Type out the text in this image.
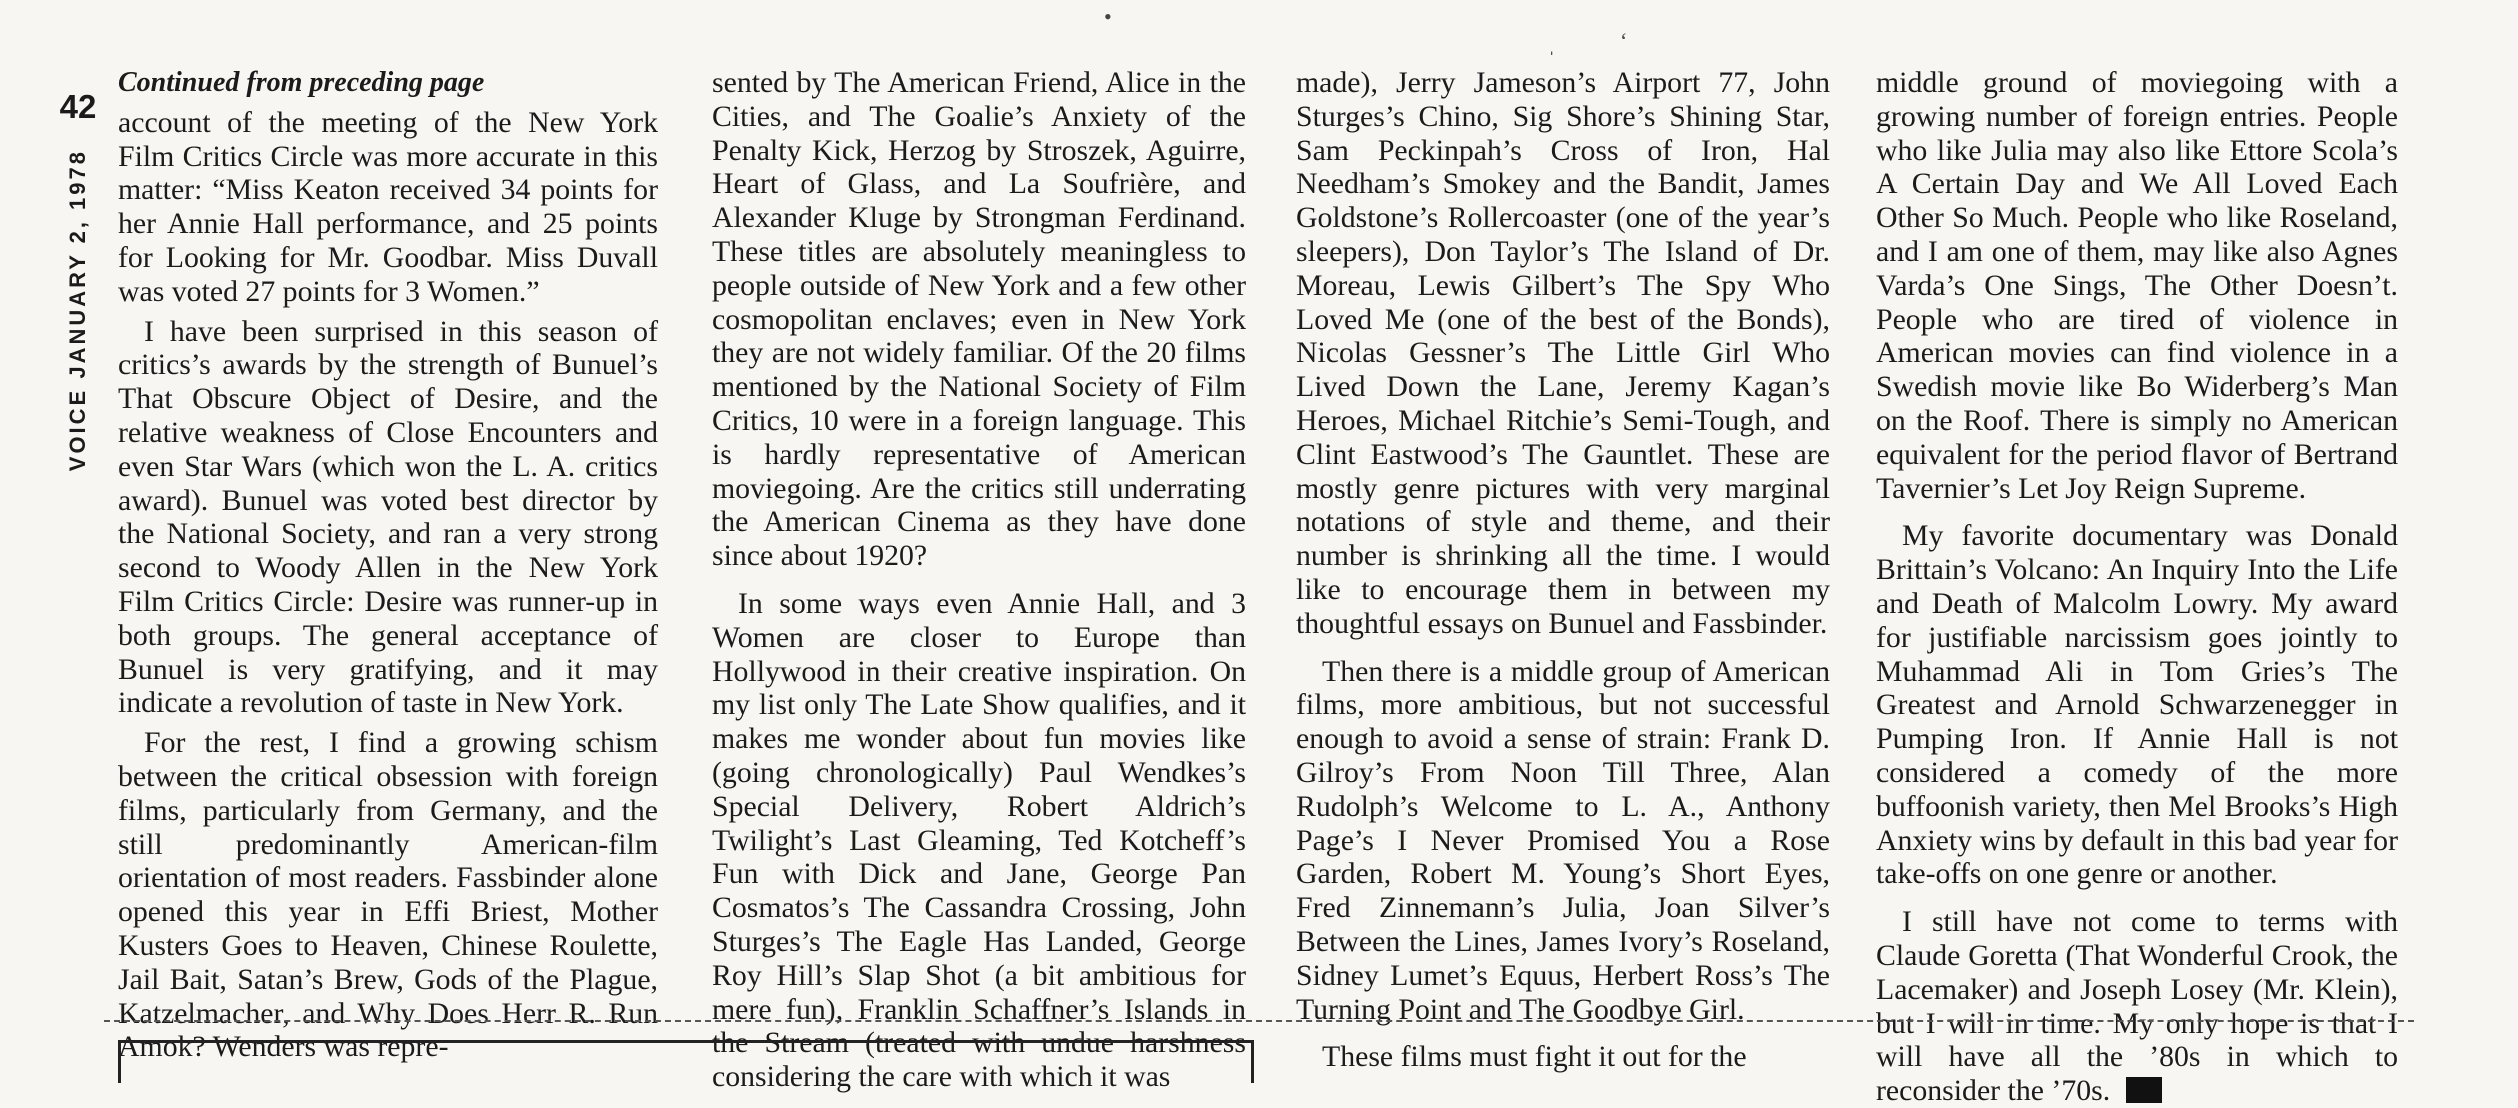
42
VOICE JANUARY 2, 1978
•
ˌ	ʻ

Continued from preceding page

account of the meeting of the New York Film Critics Circle was more accurate in this matter: “Miss Keaton received 34 points for her Annie Hall performance, and 25 points for Looking for Mr. Goodbar. Miss Duvall was voted 27 points for 3 Women.”

I have been surprised in this season of critics’s awards by the strength of Bunuel’s That Obscure Object of Desire, and the relative weakness of Close Encounters and even Star Wars (which won the L. A. critics award). Bunuel was voted best director by the National Society, and ran a very strong second to Woody Allen in the New York Film Critics Circle: Desire was runner-up in both groups. The general acceptance of Bunuel is very gratifying, and it may indicate a revolution of taste in New York.

For the rest, I find a growing schism between the critical obsession with foreign films, particularly from Germany, and the still predominantly American-film orientation of most readers. Fassbinder alone opened this year in Effi Briest, Mother Kusters Goes to Heaven, Chinese Roulette, Jail Bait, Satan’s Brew, Gods of the Plague, Katzelmacher, and Why Does Herr R. Run Amok? Wenders was repre-

sented by The American Friend, Alice in the Cities, and The Goalie’s Anxiety of the Penalty Kick, Herzog by Stroszek, Aguirre, Heart of Glass, and La Soufrière, and Alexander Kluge by Strongman Ferdinand. These titles are absolutely meaningless to people outside of New York and a few other cosmopolitan enclaves; even in New York they are not widely familiar. Of the 20 films mentioned by the National Society of Film Critics, 10 were in a foreign language. This is hardly representative of American moviegoing. Are the critics still underrating the American Cinema as they have done since about 1920?

In some ways even Annie Hall, and 3 Women are closer to Europe than Hollywood in their creative inspiration. On my list only The Late Show qualifies, and it makes me wonder about fun movies like (going chronologically) Paul Wendkes’s Special Delivery, Robert Aldrich’s Twilight’s Last Gleaming, Ted Kotcheff’s Fun with Dick and Jane, George Pan Cosmatos’s The Cassandra Crossing, John Sturges’s The Eagle Has Landed, George Roy Hill’s Slap Shot (a bit ambitious for mere fun), Franklin Schaffner’s Islands in the Stream (treated with undue harshness considering the care with which it was

made), Jerry Jameson’s Airport 77, John Sturges’s Chino, Sig Shore’s Shining Star, Sam Peckinpah’s Cross of Iron, Hal Needham’s Smokey and the Bandit, James Goldstone’s Rollercoaster (one of the year’s sleepers), Don Taylor’s The Island of Dr. Moreau, Lewis Gilbert’s The Spy Who Loved Me (one of the best of the Bonds), Nicolas Gessner’s The Little Girl Who Lived Down the Lane, Jeremy Kagan’s Heroes, Michael Ritchie’s Semi-Tough, and Clint Eastwood’s The Gauntlet. These are mostly genre pictures with very marginal notations of style and theme, and their number is shrinking all the time. I would like to encourage them in between my thoughtful essays on Bunuel and Fassbinder.

Then there is a middle group of American films, more ambitious, but not successful enough to avoid a sense of strain: Frank D. Gilroy’s From Noon Till Three, Alan Rudolph’s Welcome to L. A., Anthony Page’s I Never Promised You a Rose Garden, Robert M. Young’s Short Eyes, Fred Zinnemann’s Julia, Joan Silver’s Between the Lines, James Ivory’s Roseland, Sidney Lumet’s Equus, Herbert Ross’s The Turning Point and The Goodbye Girl.

These films must fight it out for the

middle ground of moviegoing with a growing number of foreign entries. People who like Julia may also like Ettore Scola’s A Certain Day and We All Loved Each Other So Much. People who like Roseland, and I am one of them, may like also Agnes Varda’s One Sings, The Other Doesn’t. People who are tired of violence in American movies can find violence in a Swedish movie like Bo Widerberg’s Man on the Roof. There is simply no American equivalent for the period flavor of Bertrand Tavernier’s Let Joy Reign Supreme.

My favorite documentary was Donald Brittain’s Volcano: An Inquiry Into the Life and Death of Malcolm Lowry. My award for justifiable narcissism goes jointly to Muhammad Ali in Tom Gries’s The Greatest and Arnold Schwarzenegger in Pumping Iron. If Annie Hall is not considered a comedy of the more buffoonish variety, then Mel Brooks’s High Anxiety wins by default in this bad year for take-offs on one genre or another.

I still have not come to terms with Claude Goretta (That Wonderful Crook, the Lacemaker) and Joseph Losey (Mr. Klein), but I will in time. My only hope is that I will have all the ’80s in which to reconsider the ’70s.
